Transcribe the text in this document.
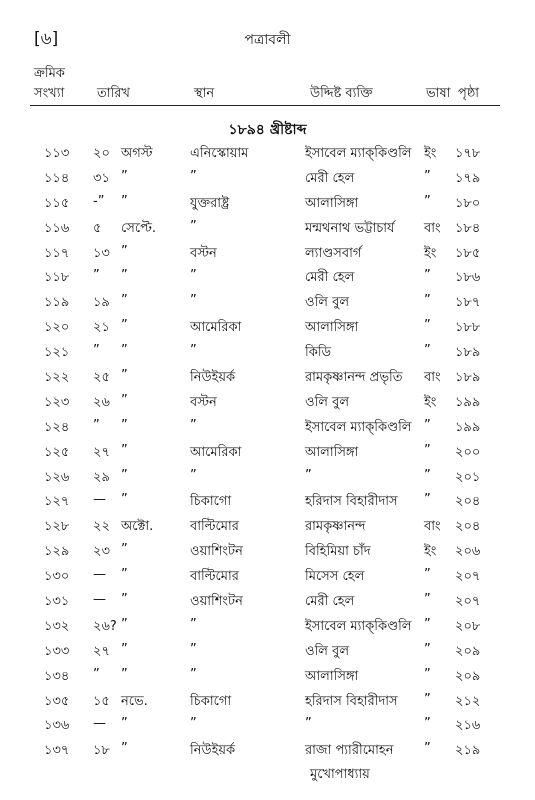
[৬]	পত্রাবলী
ক্রমিক
সংখ্যা	তারিখ	স্থান	উদ্দিষ্ট ব্যক্তি	ভাষা পৃষ্ঠা
১৮৯৪ খ্রীষ্টাব্দ
১১৩ ২০ অগস্ট	এনিস্কোয়াম	ইসাবেল ম্যাক্‌কিণ্ডলি ইং ১৭৮
১১৪ ৩১ ”	”	মেরী হেল	” ১৭৯
১১৫ -” ”	যুক্তরাষ্ট্র	আলাসিঙ্গা	” ১৮০
১১৬ ৫ সেপ্টে.	”	মন্মথনাথ ভট্টাচার্য বাং ১৮৪
১১৭ ১৩ ”	বস্টন	ল্যাণ্ডসবার্গ	ইং ১৮৫
১১৮ ” ”	”	মেরী হেল	” ১৮৬
১১৯ ১৯ ”	”	ওলি বুল	” ১৮৭
১২০ ২১ ”	আমেরিকা	আলাসিঙ্গা	” ১৮৮
১২১ ” ”	”	কিডি	” ১৮৯
১২২ ২৫ ”	নিউইয়র্ক	রামকৃষ্ণানন্দ প্রভৃতি বাং ১৮৯
১২৩ ২৬ ”	বস্টন	ওলি বুল	ইং ১৯৯
১২৪ ” ”	”	ইসাবেল ম্যাক্‌কিণ্ডলি ” ১৯৯
১২৫ ২৭ ”	আমেরিকা	আলাসিঙ্গা	” ২০০
১২৬ ২৯ ”	”	”	” ২০১
১২৭ — ”	চিকাগো	হরিদাস বিহারীদাস ” ২০৪
১২৮ ২২ অক্টো.	বাল্টিমোর	রামকৃষ্ণানন্দ	বাং ২০৪
১২৯ ২৩ ”	ওয়াশিংটন	বিহিমিয়া চাঁদ	ইং ২০৬
১৩০ — ”	বাল্টিমোর	মিসেস হেল	” ২০৭
১৩১ — ”	ওয়াশিংটন	মেরী হেল	” ২০৭
১৩২ ২৬? ”	”	ইসাবেল ম্যাক্‌কিণ্ডলি ” ২০৮
১৩৩ ২৭ ”	”	ওলি বুল	” ২০৯
১৩৪ ” ”	”	আলাসিঙ্গা	” ২০৯
১৩৫ ১৫ নভে.	চিকাগো	হরিদাস বিহারীদাস ” ২১২
১৩৬ — ”	”	”	” ২১৬
১৩৭ ১৮ ”	নিউইয়র্ক	রাজা প্যারীমোহন ” ২১৯
মুখোপাধ্যায়
